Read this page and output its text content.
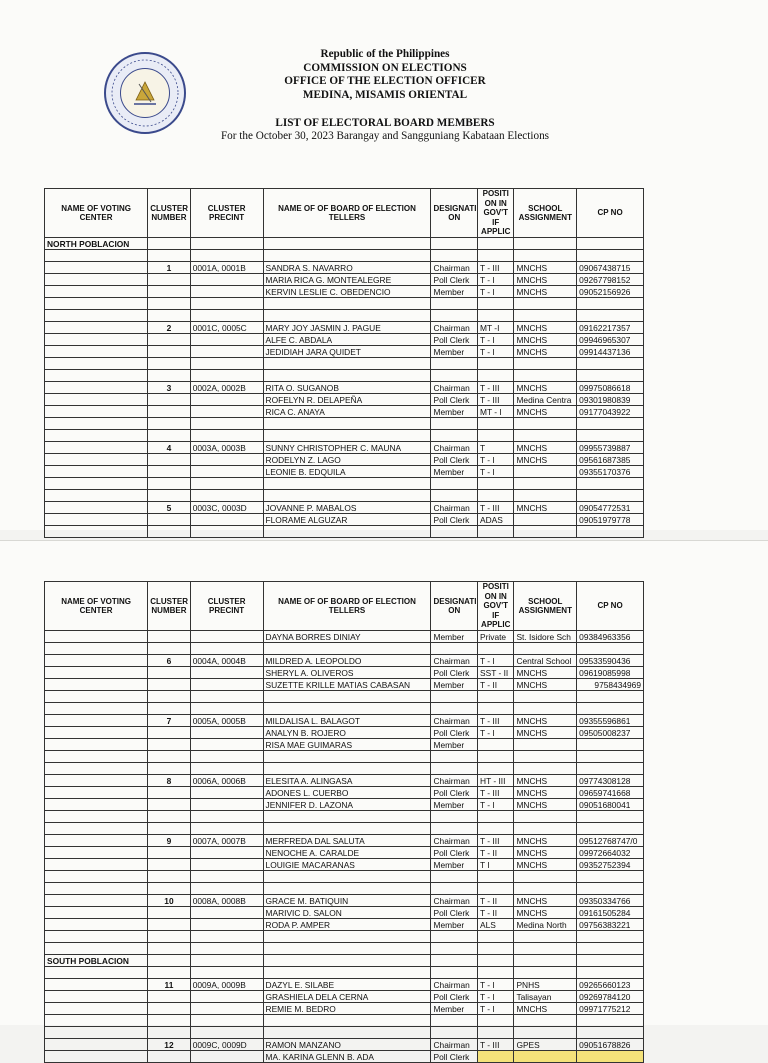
Republic of the Philippines
COMMISSION ON ELECTIONS
OFFICE OF THE ELECTION OFFICER
MEDINA, MISAMIS ORIENTAL
LIST OF ELECTORAL BOARD MEMBERS
For the October 30, 2023 Barangay and Sangguniang Kabataan Elections
NAME OF VOTING CENTER	CLUSTER NUMBER	CLUSTER PRECINT	NAME OF OF BOARD OF ELECTION TELLERS	DESIGNATI ON	POSITI ON IN GOV'T IF APPLIC	SCHOOL ASSIGNMENT	CP NO
NORTH POBLACION							

	1	0001A, 0001B	SANDRA S. NAVARRO	Chairman	T - III	MNCHS	09067438715
			MARIA RICA G. MONTEALEGRE	Poll Clerk	T - I	MNCHS	09267798152
			KERVIN LESLIE C. OBEDENCIO	Member	T - I	MNCHS	09052156926

	2	0001C, 0005C	MARY JOY JASMIN J. PAGUE	Chairman	MT -I	MNCHS	09162217357
			ALFE C. ABDALA	Poll Clerk	T - I	MNCHS	09946965307
			JEDIDIAH JARA QUIDET	Member	T - I	MNCHS	09914437136

	3	0002A, 0002B	RITA O. SUGANOB	Chairman	T - III	MNCHS	09975086618
			ROFELYN R. DELAPEÑA	Poll Clerk	T - III	Medina Centra	09301980839
			RICA C. ANAYA	Member	MT - I	MNCHS	09177043922

	4	0003A, 0003B	SUNNY CHRISTOPHER C. MAUNA	Chairman	T	MNCHS	09955739887
			RODELYN Z. LAGO	Poll Clerk	T - I	MNCHS	09561687385
			LEONIE B. EDQUILA	Member	T - I		09355170376

	5	0003C, 0003D	JOVANNE P. MABALOS	Chairman	T - III	MNCHS	09054772531
			FLORAME ALGUZAR	Poll Clerk	ADAS		09051979778

NAME OF VOTING CENTER	CLUSTER NUMBER	CLUSTER PRECINT	NAME OF OF BOARD OF ELECTION TELLERS	DESIGNATI ON	POSITI ON IN GOV'T IF APPLIC	SCHOOL ASSIGNMENT	CP NO
			DAYNA BORRES DINIAY	Member	Private	St. Isidore Sch	09384963356

	6	0004A, 0004B	MILDRED A. LEOPOLDO	Chairman	T - I	Central School	09533590436
			SHERYL A. OLIVEROS	Poll Clerk	SST - II	MNCHS	09619085998
			SUZETTE KRILLE MATIAS CABASAN	Member	T - II	MNCHS	9758434969

	7	0005A, 0005B	MILDALISA L. BALAGOT	Chairman	T - III	MNCHS	09355596861
			ANALYN B. ROJERO	Poll Clerk	T - I	MNCHS	09505008237
			RISA MAE GUIMARAS	Member			

	8	0006A, 0006B	ELESITA A. ALINGASA	Chairman	HT - III	MNCHS	09774308128
			ADONES L. CUERBO	Poll Clerk	T - III	MNCHS	09659741668
			JENNIFER D. LAZONA	Member	T - I	MNCHS	09051680041

	9	0007A, 0007B	MERFREDA DAL SALUTA	Chairman	T - III	MNCHS	09512768747/0
			NENOCHE A. CARALDE	Poll Clerk	T - II	MNCHS	09972664032
			LOUIGIE MACARANAS	Member	T I	MNCHS	09352752394

	10	0008A, 0008B	GRACE M. BATIQUIN	Chairman	T - II	MNCHS	09350334766
			MARIVIC D. SALON	Poll Clerk	T - II	MNCHS	09161505284
			RODA P. AMPER	Member	ALS	Medina North	09756383221

SOUTH POBLACION							

	11	0009A, 0009B	DAZYL E. SILABE	Chairman	T - I	PNHS	09265660123
			GRASHIELA DELA CERNA	Poll Clerk	T - I	Talisayan	09269784120
			REMIE M. BEDRO	Member	T - I	MNCHS	09971775212

	12	0009C, 0009D	RAMON MANZANO	Chairman	T - III	GPES	09051678826
			MA. KARINA GLENN B. ADA	Poll Clerk			
